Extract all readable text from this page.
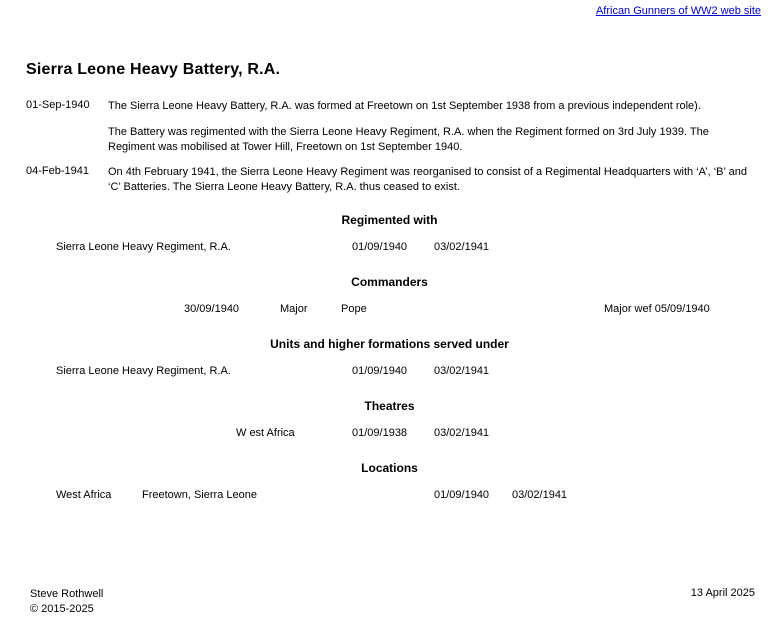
African Gunners of WW2 web site
Sierra Leone Heavy Battery, R.A.
01-Sep-1940	The Sierra Leone Heavy Battery, R.A. was formed at Freetown on 1st September 1938 from a previous independent role).

The Battery was regimented with the Sierra Leone Heavy Regiment, R.A. when the Regiment formed on 3rd July 1939. The Regiment was mobilised at Tower Hill, Freetown on 1st September 1940.

04-Feb-1941	On 4th February 1941, the Sierra Leone Heavy Regiment was reorganised to consist of a Regimental Headquarters with ‘A’, ‘B’ and ‘C’ Batteries. The Sierra Leone Heavy Battery, R.A. thus ceased to exist.

Regimented with
Sierra Leone Heavy Regiment, R.A.	01/09/1940 03/02/1941
Commanders
30/09/1940	Major	Pope	Major wef 05/09/1940
Units and higher formations served under
Sierra Leone Heavy Regiment, R.A.	01/09/1940 03/02/1941
Theatres
W est Africa	01/09/1938 03/02/1941
Locations
West Africa	Freetown, Sierra Leone	01/09/1940 03/02/1941
Steve Rothwell
© 2015-2025
13 April 2025
